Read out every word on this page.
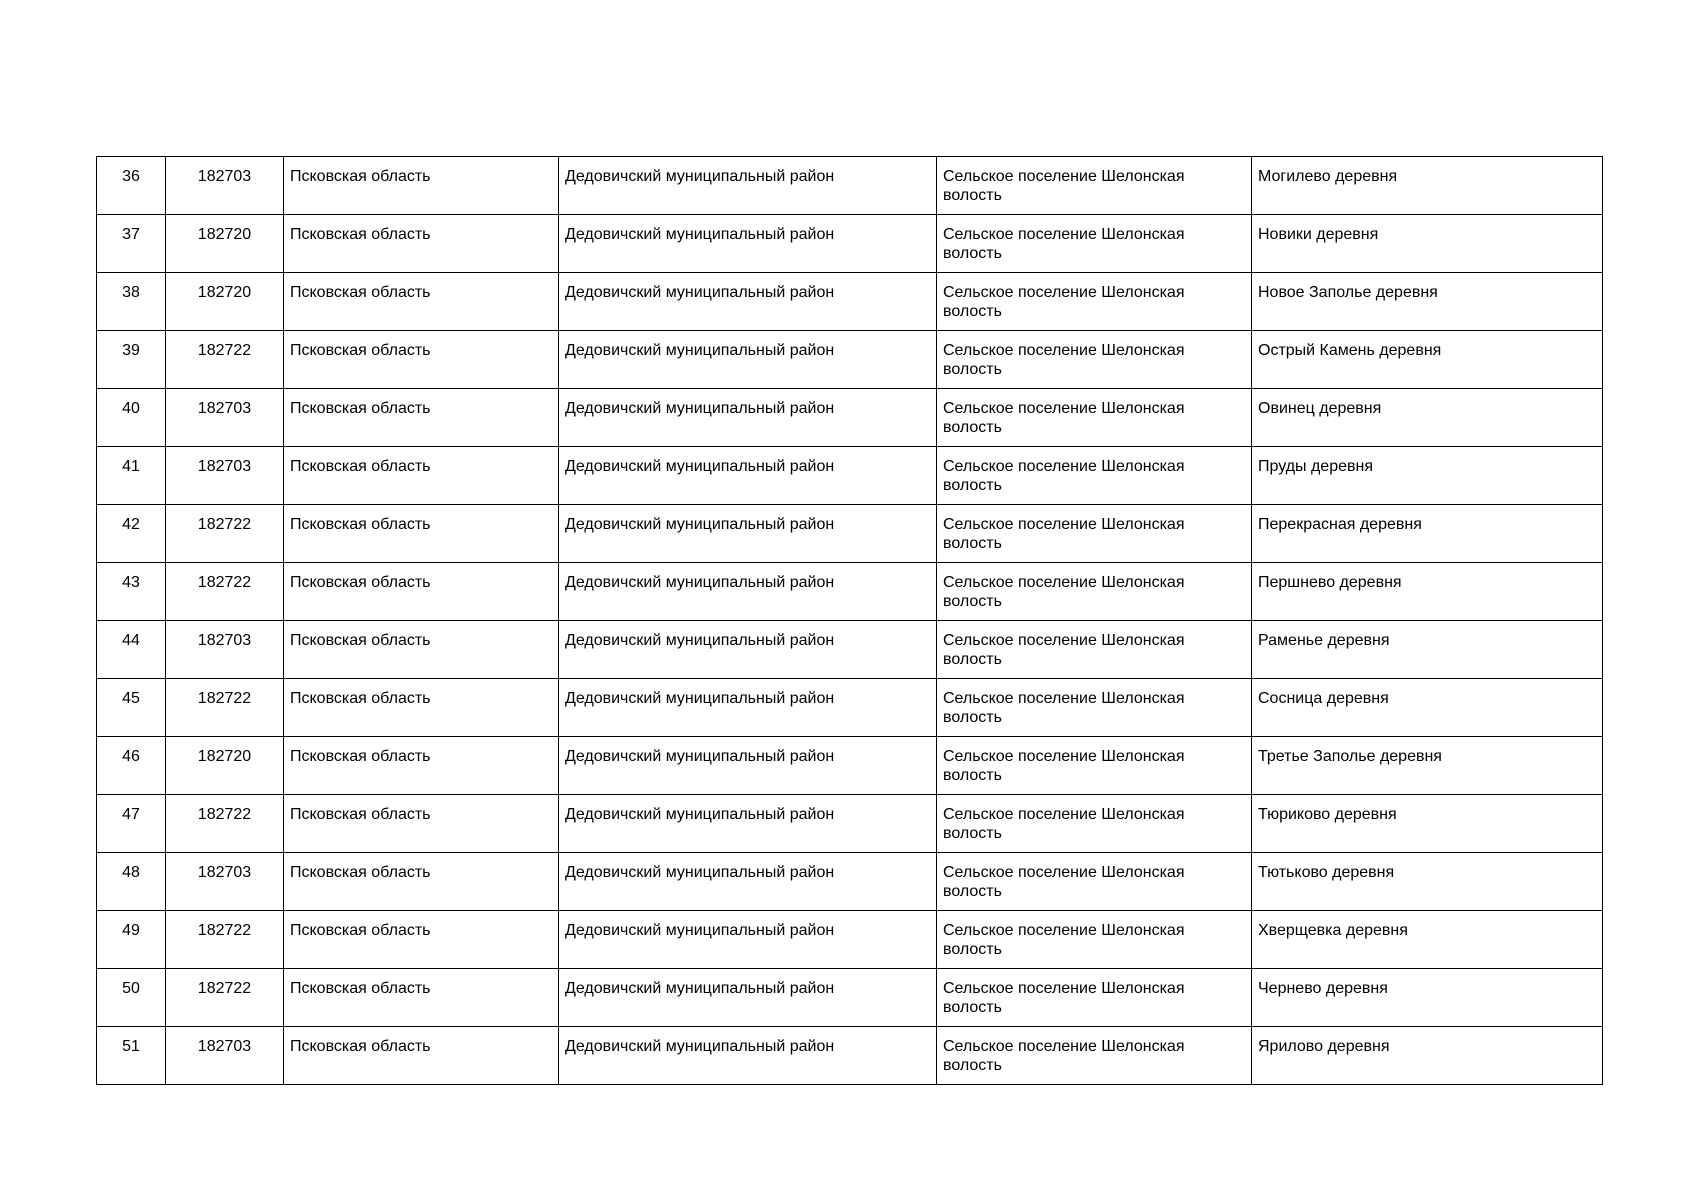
36	182703	Псковская область	Дедовичский муниципальный район	Сельское поселение Шелонская волость	Могилево деревня
37	182720	Псковская область	Дедовичский муниципальный район	Сельское поселение Шелонская волость	Новики деревня
38	182720	Псковская область	Дедовичский муниципальный район	Сельское поселение Шелонская волость	Новое Заполье деревня
39	182722	Псковская область	Дедовичский муниципальный район	Сельское поселение Шелонская волость	Острый Камень деревня
40	182703	Псковская область	Дедовичский муниципальный район	Сельское поселение Шелонская волость	Овинец деревня
41	182703	Псковская область	Дедовичский муниципальный район	Сельское поселение Шелонская волость	Пруды деревня
42	182722	Псковская область	Дедовичский муниципальный район	Сельское поселение Шелонская волость	Перекрасная деревня
43	182722	Псковская область	Дедовичский муниципальный район	Сельское поселение Шелонская волость	Першнево деревня
44	182703	Псковская область	Дедовичский муниципальный район	Сельское поселение Шелонская волость	Раменье деревня
45	182722	Псковская область	Дедовичский муниципальный район	Сельское поселение Шелонская волость	Сосница деревня
46	182720	Псковская область	Дедовичский муниципальный район	Сельское поселение Шелонская волость	Третье Заполье деревня
47	182722	Псковская область	Дедовичский муниципальный район	Сельское поселение Шелонская волость	Тюриково деревня
48	182703	Псковская область	Дедовичский муниципальный район	Сельское поселение Шелонская волость	Тютьково деревня
49	182722	Псковская область	Дедовичский муниципальный район	Сельское поселение Шелонская волость	Хверщевка деревня
50	182722	Псковская область	Дедовичский муниципальный район	Сельское поселение Шелонская волость	Чернево деревня
51	182703	Псковская область	Дедовичский муниципальный район	Сельское поселение Шелонская волость	Ярилово деревня
